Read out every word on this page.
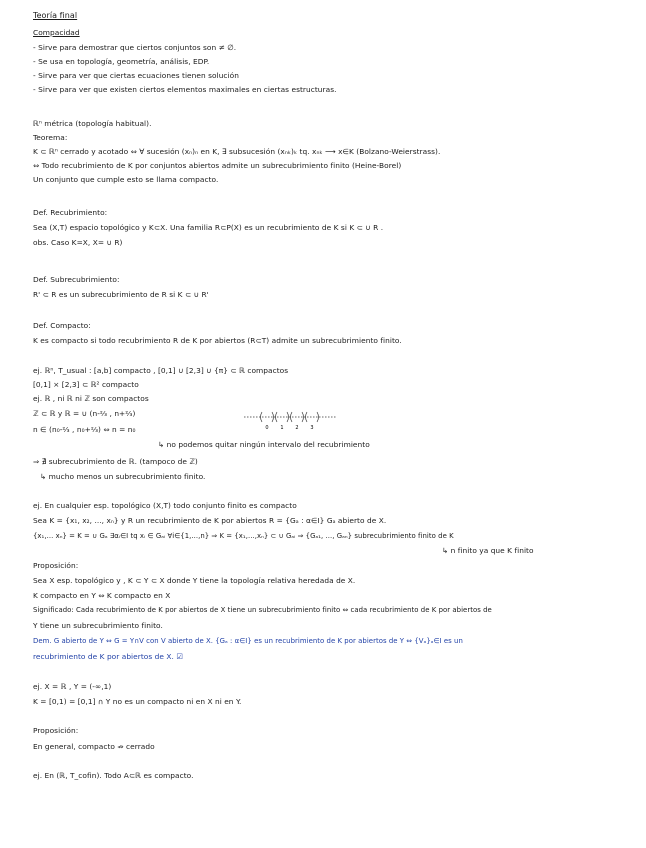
Teoría final
Compacidad
- Sirve para demostrar que ciertos conjuntos son ≠ ∅.
- Se usa en topología, geometría, análisis, EDP.
- Sirve para ver que ciertas ecuaciones tienen solución
- Sirve para ver que existen ciertos elementos maximales en ciertas estructuras.
ℝⁿ métrica (topología habitual).
Teorema:
K ⊂ ℝⁿ cerrado y acotado ⇔ ∀ sucesión (xₙ)ₙ en K, ∃ subsucesión (xₙₖ)ₖ tq. xₙₖ ⟶ x∈K (Bolzano-Weierstrass).
⇔ Todo recubrimiento de K por conjuntos abiertos admite un subrecubrimiento finito (Heine-Borel)
Un conjunto que cumple esto se llama compacto.
Def. Recubrimiento:
Sea (X,T) espacio topológico y K⊂X. Una familia R⊂P(X) es un recubrimiento de K si K ⊂ ∪ R .
obs. Caso K=X, X= ∪ R)
Def. Subrecubrimiento:
R' ⊂ R es un subrecubrimiento de R si K ⊂ ∪ R'
Def. Compacto:
K es compacto si todo recubrimiento R de K por abiertos (R⊂T) admite un subrecubrimiento finito.
ej. ℝⁿ, T_usual : [a,b] compacto , [0,1] ∪ [2,3] ∪ {π} ⊂ ℝ compactos
[0,1] × [2,3] ⊂ ℝ² compacto
ej. ℝ , ni ℝ ni ℤ son compactos
ℤ ⊂ ℝ y ℝ = ∪ (n-⅔ , n+⅔)
n ∈ (n₀-⅔ , n₀+⅔) ⇔ n = n₀
↳ no podemos quitar ningún intervalo del recubrimiento
⇒ ∄ subrecubrimiento de ℝ. (tampoco de ℤ)
↳ mucho menos un subrecubrimiento finito.
0 1 2 3
ej. En cualquier esp. topológico (X,T) todo conjunto finito es compacto
Sea K = {x₁, x₂, ..., xₙ} y R un recubrimiento de K por abiertos R = {Gₐ : α∈I} Gₐ abierto de X.
{x₁,... xₙ} = K = ∪ Gₐ ∃αᵢ∈I tq xᵢ ∈ Gₐᵢ ∀i∈{1,...,n} ⇒ K = {x₁,...,xₙ} ⊂ ∪ Gₐᵢ ⇒ {Gₐ₁, ..., Gₐₙ} subrecubrimiento finito de K
↳ n finito ya que K finito
Proposición:
Sea X esp. topológico y , K ⊂ Y ⊂ X donde Y tiene la topología relativa heredada de X.
K compacto en Y ⇔ K compacto en X
Significado: Cada recubrimiento de K por abiertos de X tiene un subrecubrimiento finito ⇔ cada recubrimiento de K por abiertos de
Y tiene un subrecubrimiento finito.
Dem. G abierto de Y ⇔ G = Y∩V con V abierto de X. {Gₐ : α∈I} es un recubrimiento de K por abiertos de Y ⇔ {Vₐ}ₐ∈I es un
recubrimiento de K por abiertos de X. ☑
ej. X = ℝ , Y = (-∞,1)
K = [0,1) = [0,1] ∩ Y no es un compacto ni en X ni en Y.
Proposición:
En general, compacto ⇏ cerrado
ej. En (ℝ, T_cofin). Todo A⊂ℝ es compacto.
